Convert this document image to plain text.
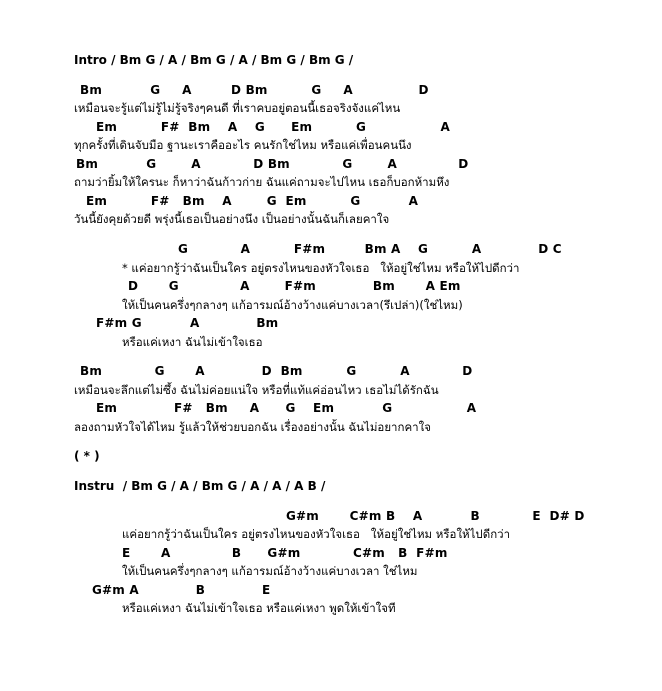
Intro / Bm G / A / Bm G / A / Bm G / Bm G /
Bm           G     A         D Bm          G     A               D
เหมือนจะรู้แต่ไม่รู้ไม่รู้จริงๆคนดี ที่เราคบอยู่ตอนนี้เธอจริงจังแค่ไหน
Em          F#  Bm    A    G      Em          G                 A
ทุกครั้งที่เดินจับมือ ฐานะเราคืออะไร คนรักใช่ไหม หรือแค่เพื่อนคนนึง
Bm           G        A            D Bm            G        A              D
ถามว่ายิ้มให้ใครนะ ก็หาว่าฉันก้าวก่าย ฉันแค่ถามจะไปไหน เธอก็บอกห้ามหึง
Em          F#   Bm    A        G  Em          G           A
วันนี้ยังคุยด้วยดี พรุ่งนี้เธอเป็นอย่างนึง เป็นอย่างนั้นฉันก็เลยคาใจ
G            A          F#m         Bm A    G          A             D C
* แค่อยากรู้ว่าฉันเป็นใคร อยู่ตรงไหนของหัวใจเธอ   ให้อยู่ใช่ไหม หรือให้ไปดีกว่า
D       G              A        F#m             Bm       A Em
ให้เป็นคนครึ่งๆกลางๆ แก้อารมณ์อ้างว้างแค่บางเวลา(รึเปล่า)(ใช่ไหม)
F#m G           A             Bm
หรือแค่เหงา ฉันไม่เข้าใจเธอ
Bm            G       A             D  Bm          G          A            D
เหมือนจะลึกแต่ไม่ซึ้ง ฉันไม่ค่อยแน่ใจ หรือที่แท้แค่อ่อนไหว เธอไม่ได้รักฉัน
Em             F#   Bm     A      G    Em           G                 A
ลองถามหัวใจได้ไหม รู้แล้วให้ช่วยบอกฉัน เรื่องอย่างนั้น ฉันไม่อยากคาใจ
( * )
Instru  / Bm G / A / Bm G / A / A / A B /
G#m       C#m B    A           B            E  D# D
แค่อยากรู้ว่าฉันเป็นใคร อยู่ตรงไหนของหัวใจเธอ   ให้อยู่ใช่ไหม หรือให้ไปดีกว่า
E       A              B      G#m            C#m   B  F#m
ให้เป็นคนครึ่งๆกลางๆ แก้อารมณ์อ้างว้างแค่บางเวลา ใช่ไหม
G#m A             B             E
หรือแค่เหงา ฉันไม่เข้าใจเธอ หรือแค่เหงา พูดให้เข้าใจที
